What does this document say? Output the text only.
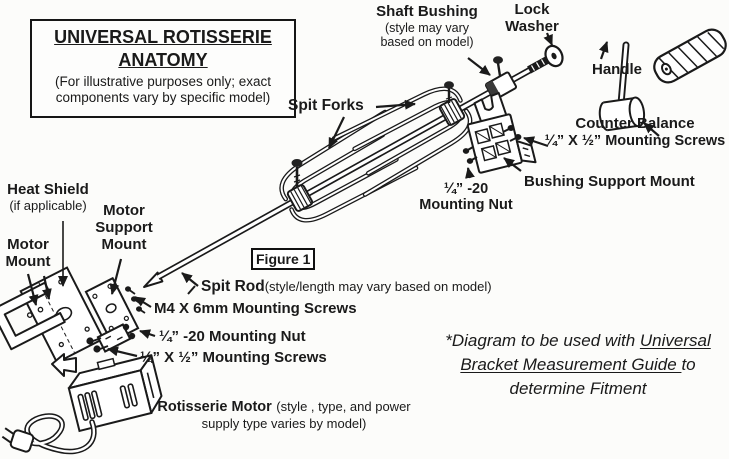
UNIVERSAL ROTISSERIE
ANATOMY
(For illustrative purposes only; exact components vary by specific model)
Shaft Bushing
(style may vary based on model)
Lock Washer
Handle
Spit Forks
Counter Balance
¼” X ½” Mounting Screws
Bushing Support Mount
¼” -20
Mounting Nut
Heat Shield
(if applicable)	Motor
Support
Mount
Motor
Mount	Figure 1
Spit Rod(style/length may vary based on model)
M4 X 6mm Mounting Screws
¼” -20 Mounting Nut
¼” X ½” Mounting Screws
Rotisserie Motor (style , type, and power
supply type varies by model)
*Diagram to be used with Universal
Bracket Measurement Guide to
determine Fitment
